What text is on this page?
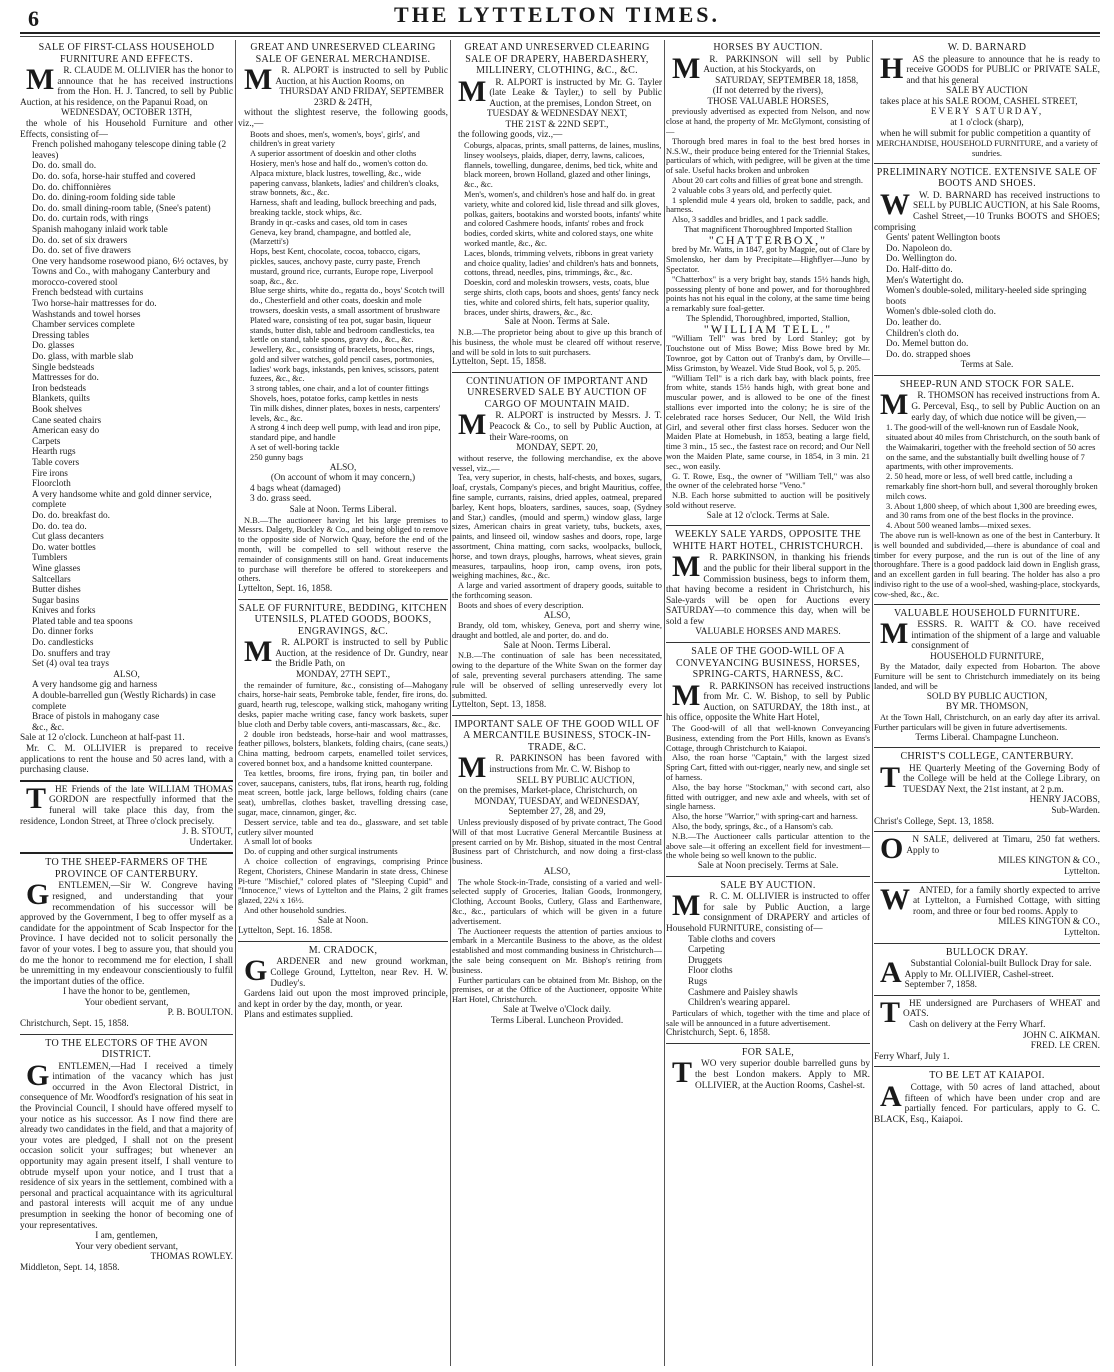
6	THE LYTTELTON TIMES.
SALE OF FIRST-CLASS HOUSEHOLD FURNITURE AND EFFECTS.

M R. CLAUDE M. OLLIVIER has the honor to announce that he has received instructions from the Hon. H. J. Tancred, to sell by Public Auction, at his residence, on the Papanui Road, on

WEDNESDAY, OCTOBER 13TH,

the whole of his Household Furniture and other Effects, consisting of—

French polished mahogany telescope dining table (2 leaves)

Do. do. small do.

Do. do. sofa, horse-hair stuffed and covered

Do. do. chiffonnières

Do. do. dining-room folding side table

Do. do. small dining-room table, (Snee's patent)

Do. do. curtain rods, with rings

Spanish mahogany inlaid work table

Do. do. set of six drawers

Do. do. set of five drawers

One very handsome rosewood piano, 6½ octaves, by Towns and Co., with mahogany Canterbury and morocco-covered stool

French bedstead with curtains

Two horse-hair mattresses for do.

Washstands and towel horses

Chamber services complete

Dressing tables

Do. glasses

Do. glass, with marble slab

Single bedsteads

Mattresses for do.

Iron bedsteads

Blankets, quilts

Book shelves

Cane seated chairs

American easy do

Carpets

Hearth rugs

Table covers

Fire irons

Floorcloth

A very handsome white and gold dinner service, complete

Do. do. breakfast do.

Do. do. tea do.

Cut glass decanters

Do. water bottles

Tumblers

Wine glasses

Saltcellars

Butter dishes

Sugar basins

Knives and forks

Plated table and tea spoons

Do. dinner forks

Do. candlesticks

Do. snuffers and tray

Set (4) oval tea trays

ALSO,

A very handsome gig and harness

A double-barrelled gun (Westly Richards) in case complete

Brace of pistols in mahogany case

&c., &c.

Sale at 12 o'clock. Luncheon at half-past 11.

Mr. C. M. OLLIVIER is prepared to receive applications to rent the house and 50 acres land, with a purchasing clause.

THE Friends of the late WILLIAM THOMAS GORDON are respectfully informed that the funeral will take place this day, from the residence, London Street, at Three o'clock precisely.

J. B. STOUT,

Undertaker.

TO THE SHEEP-FARMERS OF THE PROVINCE OF CANTERBURY.

GENTLEMEN,—Sir W. Congreve having resigned, and understanding that your recommendation of his successor will be approved by the Government, I beg to offer myself as a candidate for the appointment of Scab Inspector for the Province. I have decided not to solicit personally the favor of your votes. I beg to assure you, that should you do me the honor to recommend me for election, I shall be unremitting in my endeavour conscientiously to fulfil the important duties of the office.

I have the honor to be, gentlemen,

Your obedient servant,

P. B. BOULTON.

Christchurch, Sept. 15, 1858.

TO THE ELECTORS OF THE AVON DISTRICT.

GENTLEMEN,—Had I received a timely intimation of the vacancy which has just occurred in the Avon Electoral District, in consequence of Mr. Woodford's resignation of his seat in the Provincial Council, I should have offered myself to your notice as his successor. As I now find there are already two candidates in the field, and that a majority of your votes are pledged, I shall not on the present occasion solicit your suffrages; but whenever an opportunity may again present itself, I shall venture to obtrude myself upon your notice, and I trust that a residence of six years in the settlement, combined with a personal and practical acquaintance with its agricultural and pastoral interests will acquit me of any undue presumption in seeking the honor of becoming one of your representatives.

I am, gentlemen,

Your very obedient servant,

THOMAS ROWLEY.

Middleton, Sept. 14, 1858.

GREAT AND UNRESERVED CLEARING SALE OF GENERAL MERCHANDISE.

M R. ALPORT is instructed to sell by Public Auction, at his Auction Rooms, on

THURSDAY AND FRIDAY, SEPTEMBER 23RD & 24TH,

without the slightest reserve, the following goods, viz.,—

Boots and shoes, men's, women's, boys', girls', and children's in great variety

A superior assortment of doeskin and other cloths

Hosiery, men's hose and half do., women's cotton do.

Alpaca mixture, black lustres, towelling, &c., wide papering canvass, blankets, ladies' and children's cloaks, straw bonnets, &c., &c.

Harness, shaft and leading, bullock breeching and pads, breaking tackle, stock whips, &c.

Brandy in qr.-casks and cases, old tom in cases

Geneva, key brand, champagne, and bottled ale, (Marzetti's)

Hops, best Kent, chocolate, cocoa, tobacco, cigars, pickles, sauces, anchovy paste, curry paste, French mustard, ground rice, currants, Europe rope, Liverpool soap, &c., &c.

Blue serge shirts, white do., regatta do., boys' Scotch twill do., Chesterfield and other coats, doeskin and mole trowsers, doeskin vests, a small assortment of brushware

Plated ware, consisting of tea pot, sugar basin, liqueur stands, butter dish, table and bedroom candlesticks, tea kettle on stand, table spoons, gravy do., &c., &c.

Jewellery, &c., consisting of bracelets, brooches, rings, gold and silver watches, gold pencil cases, portmonies, ladies' work bags, inkstands, pen knives, scissors, patent fuzees, &c., &c.

3 strong tables, one chair, and a lot of counter fittings

Shovels, hoes, potatoe forks, camp kettles in nests

Tin milk dishes, dinner plates, boxes in nests, carpenters' levels, &c., &c.

A strong 4 inch deep well pump, with lead and iron pipe, standard pipe, and handle

A set of well-boring tackle

250 gunny bags

ALSO,

(On account of whom it may concern,)

4 bags wheat (damaged)

3 do. grass seed.

Sale at Noon. Terms Liberal.

N.B.—The auctioneer having let his large premises to Messrs. Dalgety, Buckley & Co., and being obliged to remove to the opposite side of Norwich Quay, before the end of the month, will be compelled to sell without reserve the remainder of consignments still on hand. Great inducements to purchase will therefore be offered to storekeepers and others.

Lyttelton, Sept. 16, 1858.

SALE OF FURNITURE, BEDDING, KITCHEN UTENSILS, PLATED GOODS, BOOKS, ENGRAVINGS, &C.

M R. ALPORT is instructed to sell by Public Auction, at the residence of Dr. Gundry, near the Bridle Path, on

MONDAY, 27TH SEPT.,

the remainder of furniture, &c., consisting of—Mahogany chairs, horse-hair seats, Pembroke table, fender, fire irons, do. guard, hearth rug, telescope, walking stick, mahogany writing desks, papier mache writing case, fancy work baskets, super blue cloth and Derby table covers, anti-mascassars, &c., &c.

2 double iron bedsteads, horse-hair and wool mattrasses, feather pillows, bolsters, blankets, folding chairs, (cane seats,) China matting, bedroom carpets, enamelled toilet services, covered bonnet box, and a handsome knitted counterpane.

Tea kettles, brooms, fire irons, frying pan, tin boiler and cover, saucepans, canisters, tubs, flat irons, hearth rug, folding meat screen, bottle jack, large bellows, folding chairs (cane seat), umbrellas, clothes basket, travelling dressing case, sugar, mace, cinnamon, ginger, &c.

Dessert service, table and tea do., glassware, and set table cutlery silver mounted

A small lot of books

Do. of cupping and other surgical instruments

A choice collection of engravings, comprising Prince Regent, Choristers, Chinese Mandarin in state dress, Chinese Pi-ture "Mischief," colored plates of "Sleeping Cupid" and "Innocence," views of Lyttelton and the Plains, 2 gilt frames glazed, 22¼ x 16½.

And other household sundries.

Sale at Noon.

Lyttelton, Sept. 16. 1858.

M. CRADOCK,

GARDENER and new ground workman, College Ground, Lyttelton, near Rev. H. W. Dudley's.

Gardens laid out upon the most improved principle, and kept in order by the day, month, or year.

Plans and estimates supplied.

GREAT AND UNRESERVED CLEARING SALE OF DRAPERY, HABERDASHERY, MILLINERY, CLOTHING, &C., &C.

M R. ALPORT is instructed by Mr. G. Tayler (late Leake & Tayler,) to sell by Public Auction, at the premises, London Street, on

TUESDAY & WEDNESDAY NEXT,

THE 21ST & 22ND SEPT.,

the following goods, viz.,—

Coburgs, alpacas, prints, small patterns, de laines, muslins, linsey woolseys, plaids, diaper, derry, lawns, calicoes, flannels, towelling, dungaree, denims, bed tick, white and black moreen, brown Holland, glazed and other linings, &c., &c.

Men's, women's, and children's hose and half do. in great variety, white and colored kid, lisle thread and silk gloves, polkas, gaiters, bootakins and worsted boots, infants' white and colored Cashmere hoods, infants' robes and frock bodies, corded skirts, white and colored stays, one white worked mantle, &c., &c.

Laces, blonds, trimming velvets, ribbons in great variety and choice quality, ladies' and children's hats and bonnets, cottons, thread, needles, pins, trimmings, &c., &c.

Doeskin, cord and moleskin trowsers, vests, coats, blue serge shirts, cloth caps, boots and shoes, gents' fancy neck ties, white and colored shirts, felt hats, superior quality, braces, under shirts, drawers, &c., &c.

Sale at Noon. Terms at Sale.

N.B.—The proprietor being about to give up this branch of his business, the whole must be cleared off without reserve, and will be sold in lots to suit purchasers.

Lyttelton, Sept. 15, 1858.

CONTINUATION OF IMPORTANT AND UNRESERVED SALE BY AUCTION OF CARGO OF MOUNTAIN MAID.

M R. ALPORT is instructed by Messrs. J. T. Peacock & Co., to sell by Public Auction, at their Ware-rooms, on

MONDAY, SEPT. 20,

without reserve, the following merchandise, ex the above vessel, viz.,—

Tea, very superior, in chests, half-chests, and boxes, sugars, loaf, crystals, Company's pieces, and bright Mauritius, coffee, fine sample, currants, raisins, dried apples, oatmeal, prepared barley, Kent hops, bloaters, sardines, sauces, soap, (Sydney and Star,) candles, (mould and sperm,) window glass, large sizes, American chairs in great variety, tubs, buckets, axes, paints, and linseed oil, window sashes and doors, rope, large assortment, China matting, corn sacks, woolpacks, bullock, horse, and town drays, ploughs, harrows, wheat sieves, grain measures, tarpaulins, hoop iron, camp ovens, iron pots, weighing machines, &c., &c.

A large and varied assortment of drapery goods, suitable to the forthcoming season.

Boots and shoes of every description.

ALSO,

Brandy, old tom, whiskey, Geneva, port and sherry wine, draught and bottled, ale and porter, do. and do.

Sale at Noon. Terms Liberal.

N.B.—The continuation of sale has been necessitated, owing to the departure of the White Swan on the former day of sale, preventing several purchasers attending. The same rule will be observed of selling unreservedly every lot submitted.

Lyttelton, Sept. 13, 1858.

IMPORTANT SALE OF THE GOOD WILL OF A MERCANTILE BUSINESS, STOCK-IN-TRADE, &C.

M R. PARKINSON has been favored with instructions from Mr. C. W. Bishop to

SELL BY PUBLIC AUCTION,

on the premises, Market-place, Christchurch, on

MONDAY, TUESDAY, and WEDNESDAY,

September 27, 28, and 29,

Unless previously disposed of by private contract, The Good Will of that most Lucrative General Mercantile Business at present carried on by Mr. Bishop, situated in the most Central Business part of Christchurch, and now doing a first-class business.

ALSO,

The whole Stock-in-Trade, consisting of a varied and well-selected supply of Groceries, Italian Goods, Ironmongery, Clothing, Account Books, Cutlery, Glass and Earthenware, &c., &c., particulars of which will be given in a future advertisement.

The Auctioneer requests the attention of parties anxious to embark in a Mercantile Business to the above, as the oldest established and most commanding business in Christchurch—the sale being consequent on Mr. Bishop's retiring from business.

Further particulars can be obtained from Mr. Bishop, on the premises, or at the Office of the Auctioneer, opposite White Hart Hotel, Christchurch.

Sale at Twelve o'Clock daily.

Terms Liberal. Luncheon Provided.

HORSES BY AUCTION.

M R. PARKINSON will sell by Public Auction, at his Stockyards, on

SATURDAY, SEPTEMBER 18, 1858,

(If not deterred by the rivers),

THOSE VALUABLE HORSES,

previously advertised as expected from Nelson, and now close at hand, the property of Mr. McGlymont, consisting of—

Thorough bred mares in foal to the best bred horses in N.S.W., their produce being entered for the Triennial Stakes, particulars of which, with pedigree, will be given at the time of sale. Useful hacks broken and unbroken

About 20 cart colts and fillies of great bone and strength.

2 valuable cobs 3 years old, and perfectly quiet.

1 splendid mule 4 years old, broken to saddle, pack, and harness.

Also, 3 saddles and bridles, and 1 pack saddle.

That magnificent Thoroughbred Imported Stallion

"CHATTERBOX,"

bred by Mr. Watts, in 1847, got by Magpie, out of Clare by Smolensko, her dam by Precipitate—Highflyer—Juno by Spectator.

"Chatterbox" is a very bright bay, stands 15½ hands high, possessing plenty of bone and power, and for thoroughbred points has not his equal in the colony, at the same time being a remarkably sure foal-getter.

The Splendid, Thoroughbred, imported, Stallion,

"WILLIAM TELL."

"William Tell" was bred by Lord Stanley; got by Touchstone out of Miss Bowe; Miss Bowe bred by Mr. Townroe, got by Catton out of Tranby's dam, by Orville—Miss Grimston, by Weazel. Vide Stud Book, vol 5, p. 205.

"William Tell" is a rich dark bay, with black points, free from white, stands 15½ hands high, with great bone and muscular power, and is allowed to be one of the finest stallions ever imported into the colony; he is sire of the celebrated race horses Seducer, Our Nell, the Wild Irish Girl, and several other first class horses. Seducer won the Maiden Plate at Homebush, in 1853, beating a large field, time 3 min., 15 sec., the fastest race on record; and Our Nell won the Maiden Plate, same course, in 1854, in 3 min. 21 sec., won easily.

G. T. Rowe, Esq., the owner of "William Tell," was also the owner of the celebrated horse "Veno."

N.B. Each horse submitted to auction will be positively sold without reserve.

Sale at 12 o'clock. Terms at Sale.

WEEKLY SALE YARDS, OPPOSITE THE WHITE HART HOTEL, CHRISTCHURCH.

M R. PARKINSON, in thanking his friends and the public for their liberal support in the Commission business, begs to inform them, that having become a resident in Christchurch, his Sale-yards will be open for Auctions every SATURDAY—to commence this day, when will be sold a few

VALUABLE HORSES AND MARES.

SALE OF THE GOOD-WILL OF A CONVEYANCING BUSINESS, HORSES, SPRING-CARTS, HARNESS, &C.

M R. PARKINSON has received instructions from Mr. C. W. Bishop, to sell by Public Auction, on SATURDAY, the 18th inst., at his office, opposite the White Hart Hotel,

The Good-will of all that well-known Conveyancing Business, extending from the Port Hills, known as Evans's Cottage, through Christchurch to Kaiapoi.

Also, the roan horse "Captain," with the largest sized Spring Cart, fitted with out-rigger, nearly new, and single set of harness.

Also, the bay horse "Stockman," with second cart, also fitted with outrigger, and new axle and wheels, with set of single harness.

Also, the horse "Warrior," with spring-cart and harness.

Also, the body, springs, &c., of a Hansom's cab.

N.B.—The Auctioneer calls particular attention to the above sale—it offering an excellent field for investment—the whole being so well known to the public.

Sale at Noon precisely. Terms at Sale.

SALE BY AUCTION.

M R. C. M. OLLIVIER is instructed to offer for sale by Public Auction, a large consignment of DRAPERY and articles of Household FURNITURE, consisting of—

Table cloths and covers

Carpeting

Druggets

Floor cloths

Rugs

Cashmere and Paisley shawls

Children's wearing apparel.

Particulars of which, together with the time and place of sale will be announced in a future advertisement.

Christchurch, Sept. 6, 1858.

FOR SALE,

TWO very superior double barrelled guns by the best London makers. Apply to MR. OLLIVIER, at the Auction Rooms, Cashel-st.

W. D. BARNARD

HAS the pleasure to announce that he is ready to receive GOODS for PUBLIC or PRIVATE SALE, and that his general

SALE BY AUCTION

takes place at his SALE ROOM, CASHEL STREET,

EVERY SATURDAY,

at 1 o'clock (sharp),

when he will submit for public competition a quantity of

MERCHANDISE, HOUSEHOLD FURNITURE, and a variety of sundries.

PRELIMINARY NOTICE. EXTENSIVE SALE OF BOOTS AND SHOES.

W W. D. BARNARD has received instructions to SELL by PUBLIC AUCTION, at his Sale Rooms, Cashel Street,—10 Trunks BOOTS and SHOES; comprising

Gents' patent Wellington boots

Do. Napoleon do.

Do. Wellington do.

Do. Half-ditto do.

Men's Watertight do.

Women's double-soled, military-heeled side springing boots

Women's dble-soled cloth do.

Do. leather do.

Children's cloth do.

Do. Memel button do.

Do. do. strapped shoes

Terms at Sale.

SHEEP-RUN AND STOCK FOR SALE.

M R. THOMSON has received instructions from A. G. Perceval, Esq., to sell by Public Auction on an early day, of which due notice will be given,—

1. The good-will of the well-known run of Easdale Nook, situated about 40 miles from Christchurch, on the south bank of the Waimakariri, together with the freehold section of 50 acres on the same, and the substantially built dwelling house of 7 apartments, with other improvements.

2. 50 head, more or less, of well bred cattle, including a remarkably fine short-horn bull, and several thoroughly broken milch cows.

3. About 1,800 sheep, of which about 1,300 are breeding ewes, and 30 rams from one of the best flocks in the province.

4. About 500 weaned lambs—mixed sexes.

The above run is well-known as one of the best in Canterbury. It is well bounded and subdivided,—there is abundance of coal and timber for every purpose, and the run is out of the line of any thoroughfare. There is a good paddock laid down in English grass, and an excellent garden in full bearing. The holder has also a pro indiviso right to the use of a wool-shed, washing-place, stockyards, cow-shed, &c., &c.

VALUABLE HOUSEHOLD FURNITURE.

MESSRS. R. WAITT & CO. have received intimation of the shipment of a large and valuable consignment of

HOUSEHOLD FURNITURE,

By the Matador, daily expected from Hobarton. The above Furniture will be sent to Christchurch immediately on its being landed, and will be

SOLD BY PUBLIC AUCTION,

BY MR. THOMSON,

At the Town Hall, Christchurch, on an early day after its arrival. Further particulars will be given in future advertisements.

Terms Liberal. Champagne Luncheon.

CHRIST'S COLLEGE, CANTERBURY.

THE Quarterly Meeting of the Governing Body of the College will be held at the College Library, on TUESDAY Next, the 21st instant, at 2 p.m.

HENRY JACOBS,

Sub-Warden.

Christ's College, Sept. 13, 1858.

O N SALE, delivered at Timaru, 250 fat wethers. Apply to

MILES KINGTON & CO.,

Lyttelton.

WANTED, for a family shortly expected to arrive at Lyttelton, a Furnished Cottage, with sitting room, and three or four bed rooms. Apply to

MILES KINGTON & CO.,

Lyttelton.

BULLOCK DRAY.

A Substantial Colonial-built Bullock Dray for sale.

Apply to Mr. OLLIVIER, Cashel-street.

September 7, 1858.

THE undersigned are Purchasers of WHEAT and OATS.

Cash on delivery at the Ferry Wharf.

JOHN C. AIKMAN.

FRED. LE CREN.

Ferry Wharf, July 1.

TO BE LET AT KAIAPOI.

A Cottage, with 50 acres of land attached, about fifteen of which have been under crop and are partially fenced. For particulars, apply to G. C. BLACK, Esq., Kaiapoi.
